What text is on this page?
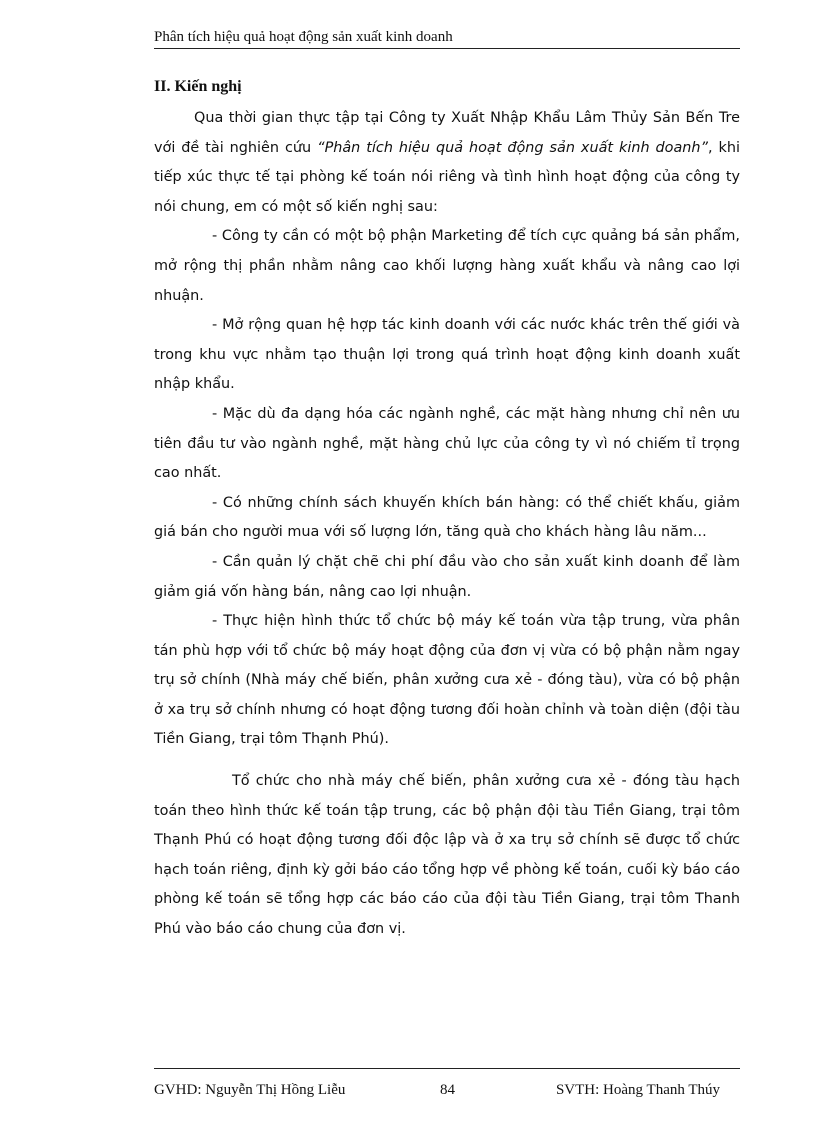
Phân tích hiệu quả hoạt động sản xuất kinh doanh

II. Kiến nghị

Qua thời gian thực tập tại Công ty Xuất Nhập Khẩu Lâm Thủy Sản Bến Tre với đề tài nghiên cứu “Phân tích hiệu quả hoạt động sản xuất kinh doanh”, khi tiếp xúc thực tế tại phòng kế toán nói riêng và tình hình hoạt động của công ty nói chung, em có một số kiến nghị sau:

- Công ty cần có một bộ phận Marketing để tích cực quảng bá sản phẩm, mở rộng thị phần nhằm nâng cao khối lượng hàng xuất khẩu và nâng cao lợi nhuận.

- Mở rộng quan hệ hợp tác kinh doanh với các nước khác trên thế giới và trong khu vực nhằm tạo thuận lợi trong quá trình hoạt động kinh doanh xuất nhập khẩu.

- Mặc dù đa dạng hóa các ngành nghề, các mặt hàng nhưng chỉ nên ưu tiên đầu tư vào ngành nghề, mặt hàng chủ lực của công ty vì nó chiếm tỉ trọng cao nhất.

- Có những chính sách khuyến khích bán hàng: có thể chiết khấu, giảm giá bán cho người mua với số lượng lớn, tăng quà cho khách hàng lâu năm...

- Cần quản lý chặt chẽ chi phí đầu vào cho sản xuất kinh doanh để làm giảm giá vốn hàng bán, nâng cao lợi nhuận.

- Thực hiện hình thức tổ chức bộ máy kế toán vừa tập trung, vừa phân tán phù hợp với tổ chức bộ máy hoạt động của đơn vị vừa có bộ phận nằm ngay trụ sở chính (Nhà máy chế biến, phân xưởng cưa xẻ - đóng tàu), vừa có bộ phận ở xa trụ sở chính nhưng có hoạt động tương đối hoàn chỉnh và toàn diện (đội tàu Tiền Giang, trại tôm Thạnh Phú).

Tổ chức cho nhà máy chế biến, phân xưởng cưa xẻ - đóng tàu hạch toán theo hình thức kế toán tập trung, các bộ phận đội tàu Tiền Giang, trại tôm Thạnh Phú có hoạt động tương đối độc lập và ở xa trụ sở chính sẽ được tổ chức hạch toán riêng, định kỳ gởi báo cáo tổng hợp về phòng kế toán, cuối kỳ báo cáo phòng kế toán sẽ tổng hợp các báo cáo của đội tàu Tiền Giang, trại tôm Thanh Phú vào báo cáo chung của đơn vị.

GVHD: Nguyễn Thị Hồng Liễu	84	SVTH: Hoàng Thanh Thúy
